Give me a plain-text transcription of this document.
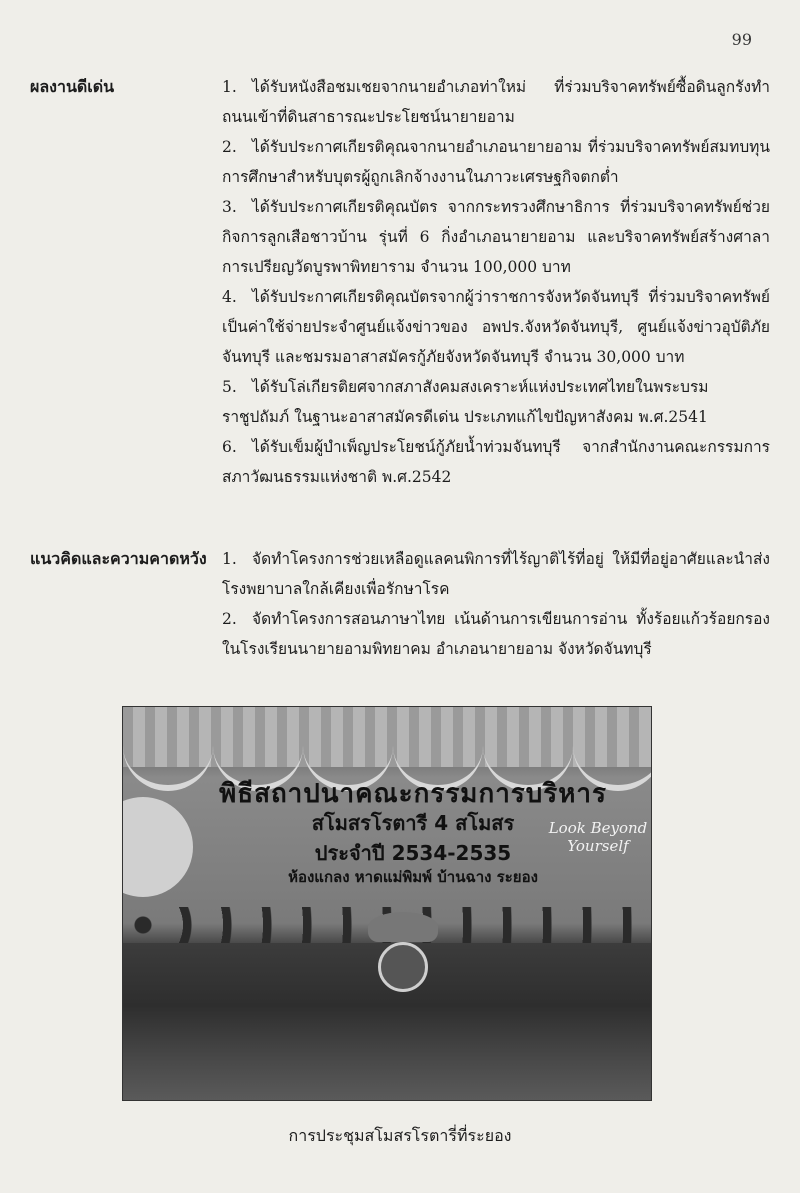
99
ผลงานดีเด่น	1. ได้รับหนังสือชมเชยจากนายอำเภอท่าใหม่ ที่ร่วมบริจาคทรัพย์ซื้อดินลูกรังทำถนนเข้าที่ดินสาธารณะประโยชน์นายายอาม

2. ได้รับประกาศเกียรติคุณจากนายอำเภอนายายอาม ที่ร่วมบริจาคทรัพย์สมทบทุนการศึกษาสำหรับบุตรผู้ถูกเลิกจ้างงานในภาวะเศรษฐกิจตกต่ำ

3. ได้รับประกาศเกียรติคุณบัตร จากกระทรวงศึกษาธิการ ที่ร่วมบริจาคทรัพย์ช่วยกิจการลูกเสือชาวบ้าน รุ่นที่ 6 กิ่งอำเภอนายายอาม และบริจาคทรัพย์สร้างศาลาการเปรียญวัดบูรพาพิทยาราม จำนวน 100,000 บาท

4. ได้รับประกาศเกียรติคุณบัตรจากผู้ว่าราชการจังหวัดจันทบุรี ที่ร่วมบริจาคทรัพย์เป็นค่าใช้จ่ายประจำศูนย์แจ้งข่าวของ อพปร.จังหวัดจันทบุรี, ศูนย์แจ้งข่าวอุบัติภัยจันทบุรี และชมรมอาสาสมัครกู้ภัยจังหวัดจันทบุรี จำนวน 30,000 บาท

5. ได้รับโล่เกียรติยศจากสภาสังคมสงเคราะห์แห่งประเทศไทยในพระบรมราชูปถัมภ์ ในฐานะอาสาสมัครดีเด่น ประเภทแก้ไขปัญหาสังคม พ.ศ.2541

6. ได้รับเข็มผู้บำเพ็ญประโยชน์กู้ภัยน้ำท่วมจันทบุรี จากสำนักงานคณะกรรมการสภาวัฒนธรรมแห่งชาติ พ.ศ.2542

แนวคิดและความคาดหวัง 1. จัดทำโครงการช่วยเหลือดูแลคนพิการที่ไร้ญาติไร้ที่อยู่ ให้มีที่อยู่อาศัยและนำส่งโรงพยาบาลใกล้เคียงเพื่อรักษาโรค

2. จัดทำโครงการสอนภาษาไทย เน้นด้านการเขียนการอ่าน ทั้งร้อยแก้วร้อยกรอง ในโรงเรียนนายายอามพิทยาคม อำเภอนายายอาม จังหวัดจันทบุรี

พิธีสถาปนาคณะกรรมการบริหาร
สโมสรโรตารี 4 สโมสร
ประจำปี 2534-2535
ห้องแกลง หาดแม่พิมพ์ บ้านฉาง ระยอง
Look Beyond Yourself
การประชุมสโมสรโรตารี่ที่ระยอง
